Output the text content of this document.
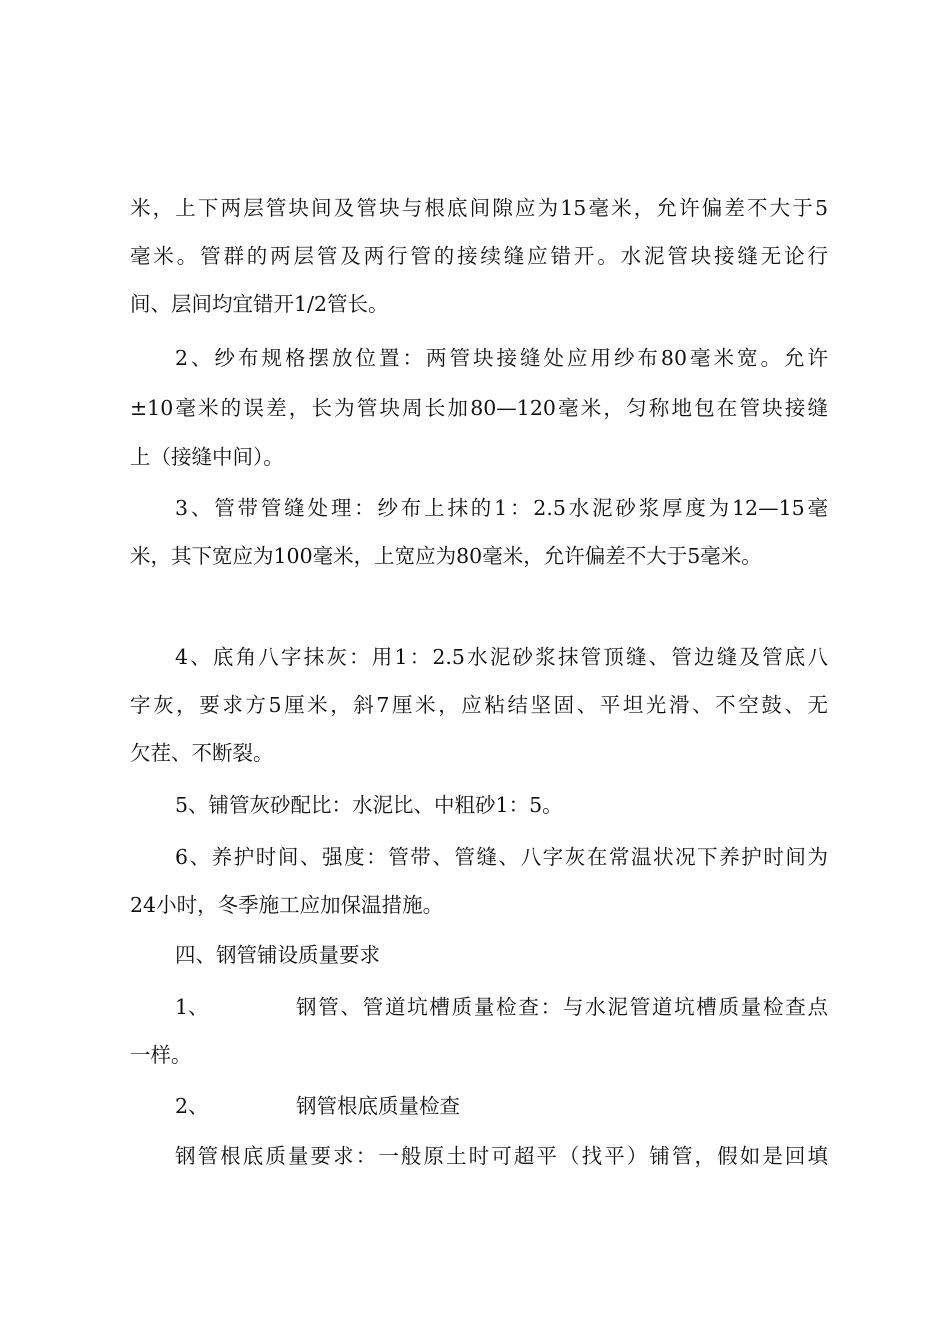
米，上下两层管块间及管块与根底间隙应为15毫米，允许偏差不大于5
毫米。管群的两层管及两行管的接续缝应错开。水泥管块接缝无论行
间、层间均宜错开1/2管长。
2、纱布规格摆放位置：两管块接缝处应用纱布80毫米宽。允许
±10毫米的误差，长为管块周长加80—120毫米，匀称地包在管块接缝
上（接缝中间）。
3、管带管缝处理：纱布上抹的1：2.5水泥砂浆厚度为12—15毫
米，其下宽应为100毫米，上宽应为80毫米，允许偏差不大于5毫米。
4、底角八字抹灰：用1：2.5水泥砂浆抹管顶缝、管边缝及管底八
字灰，要求方5厘米，斜7厘米，应粘结坚固、平坦光滑、不空鼓、无
欠茬、不断裂。
5、铺管灰砂配比：水泥比、中粗砂1：5。
6、养护时间、强度：管带、管缝、八字灰在常温状况下养护时间为
24小时，冬季施工应加保温措施。
四、钢管铺设质量要求
1、	钢管、管道坑槽质量检查：与水泥管道坑槽质量检查点
一样。
2、	钢管根底质量检查
钢管根底质量要求：一般原土时可超平（找平）铺管，假如是回填
